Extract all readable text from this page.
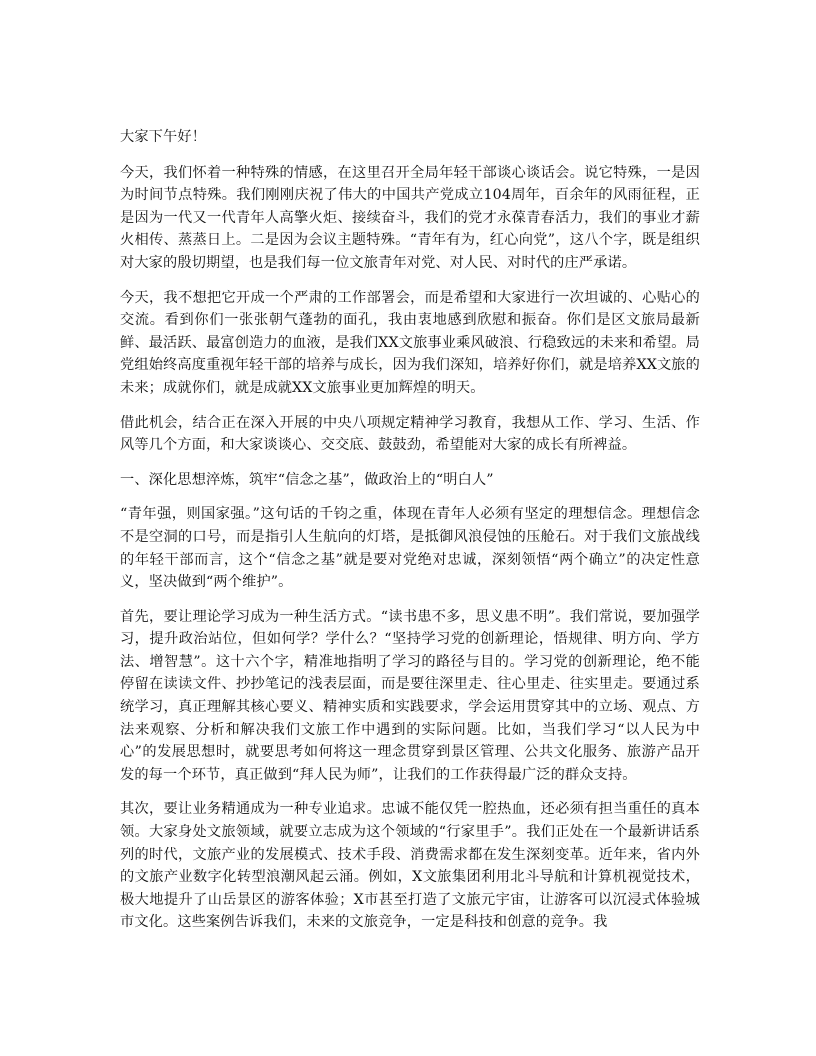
大家下午好！

今天，我们怀着一种特殊的情感，在这里召开全局年轻干部谈心谈话会。说它特殊，一是因为时间节点特殊。我们刚刚庆祝了伟大的中国共产党成立104周年，百余年的风雨征程，正是因为一代又一代青年人高擎火炬、接续奋斗，我们的党才永葆青春活力，我们的事业才薪火相传、蒸蒸日上。二是因为会议主题特殊。“青年有为，红心向党”，这八个字，既是组织对大家的殷切期望，也是我们每一位文旅青年对党、对人民、对时代的庄严承诺。

今天，我不想把它开成一个严肃的工作部署会，而是希望和大家进行一次坦诚的、心贴心的交流。看到你们一张张朝气蓬勃的面孔，我由衷地感到欣慰和振奋。你们是区文旅局最新鲜、最活跃、最富创造力的血液，是我们XX文旅事业乘风破浪、行稳致远的未来和希望。局党组始终高度重视年轻干部的培养与成长，因为我们深知，培养好你们，就是培养XX文旅的未来；成就你们，就是成就XX文旅事业更加辉煌的明天。

借此机会，结合正在深入开展的中央八项规定精神学习教育，我想从工作、学习、生活、作风等几个方面，和大家谈谈心、交交底、鼓鼓劲，希望能对大家的成长有所裨益。

一、深化思想淬炼，筑牢“信念之基”，做政治上的“明白人”

“青年强，则国家强。”这句话的千钧之重，体现在青年人必须有坚定的理想信念。理想信念不是空洞的口号，而是指引人生航向的灯塔，是抵御风浪侵蚀的压舱石。对于我们文旅战线的年轻干部而言，这个“信念之基”就是要对党绝对忠诚，深刻领悟“两个确立”的决定性意义，坚决做到“两个维护”。

首先，要让理论学习成为一种生活方式。“读书患不多，思义患不明”。我们常说，要加强学习，提升政治站位，但如何学？学什么？“坚持学习党的创新理论，悟规律、明方向、学方法、增智慧”。这十六个字，精准地指明了学习的路径与目的。学习党的创新理论，绝不能停留在读读文件、抄抄笔记的浅表层面，而是要往深里走、往心里走、往实里走。要通过系统学习，真正理解其核心要义、精神实质和实践要求，学会运用贯穿其中的立场、观点、方法来观察、分析和解决我们文旅工作中遇到的实际问题。比如，当我们学习“以人民为中心”的发展思想时，就要思考如何将这一理念贯穿到景区管理、公共文化服务、旅游产品开发的每一个环节，真正做到“拜人民为师”，让我们的工作获得最广泛的群众支持。

其次，要让业务精通成为一种专业追求。忠诚不能仅凭一腔热血，还必须有担当重任的真本领。大家身处文旅领域，就要立志成为这个领域的“行家里手”。我们正处在一个最新讲话系列的时代，文旅产业的发展模式、技术手段、消费需求都在发生深刻变革。近年来，省内外的文旅产业数字化转型浪潮风起云涌。例如，X文旅集团利用北斗导航和计算机视觉技术，极大地提升了山岳景区的游客体验；X市甚至打造了文旅元宇宙，让游客可以沉浸式体验城市文化。这些案例告诉我们，未来的文旅竞争，一定是科技和创意的竞争。我
